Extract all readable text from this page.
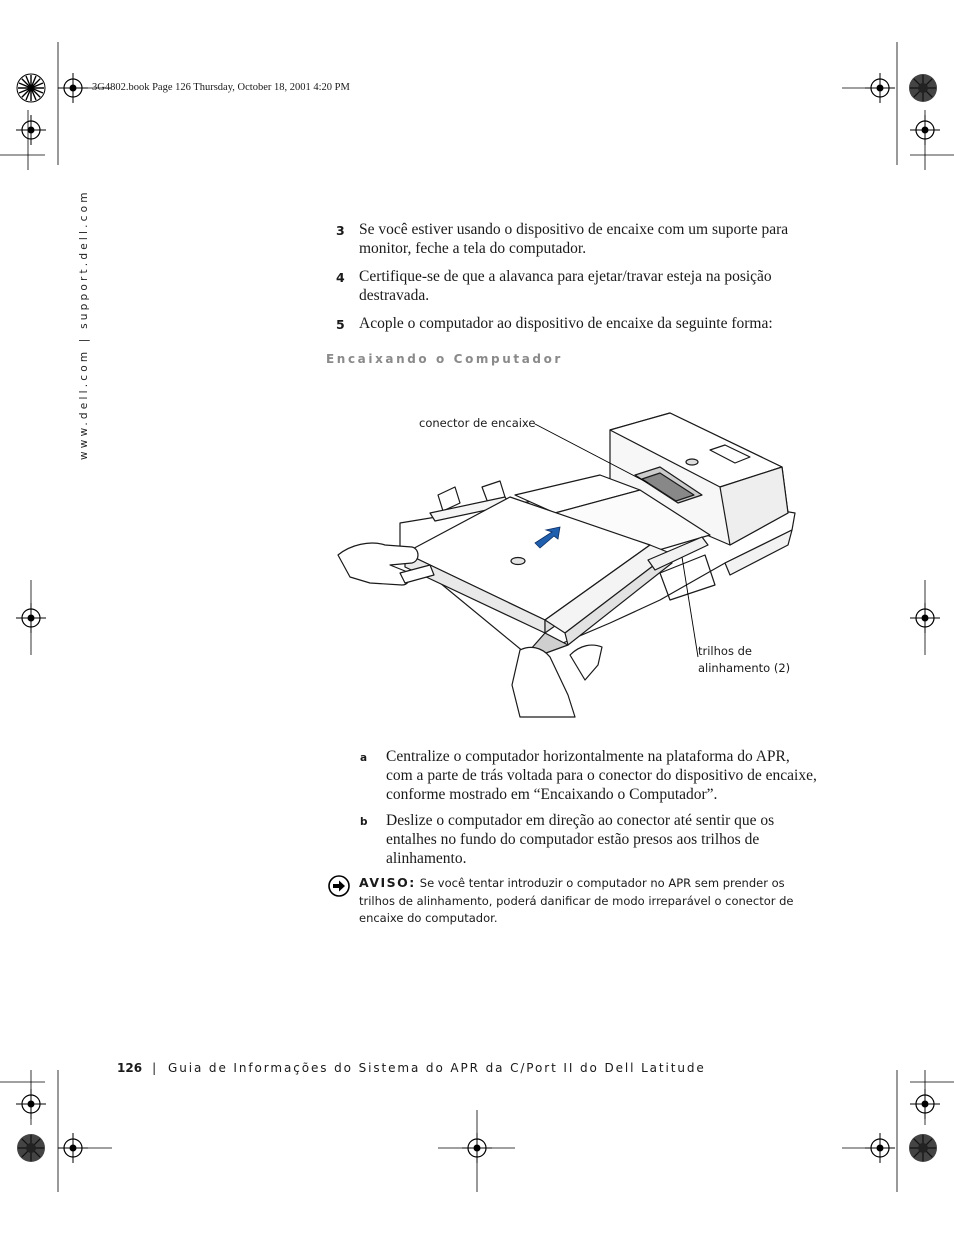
3G4802.book Page 126 Thursday, October 18, 2001 4:20 PM
www.dell.com | support.dell.com	3 Se você estiver usando o dispositivo de encaixe com um suporte para monitor, feche a tela do computador.
4 Certifique-se de que a alavanca para ejetar/travar esteja na posição destravada.
5 Acople o computador ao dispositivo de encaixe da seguinte forma:
Encaixando o Computador
conector de encaixe
trilhos de
alinhamento (2)
a Centralize o computador horizontalmente na plataforma do APR, com a parte de trás voltada para o conector do dispositivo de encaixe, conforme mostrado em “Encaixando o Computador”.
b Deslize o computador em direção ao conector até sentir que os entalhes no fundo do computador estão presos aos trilhos de alinhamento.
AVISO: Se você tentar introduzir o computador no APR sem prender os trilhos de alinhamento, poderá danificar de modo irreparável o conector de encaixe do computador.
126 | Guia de Informações do Sistema do APR da C/Port II do Dell Latitude
